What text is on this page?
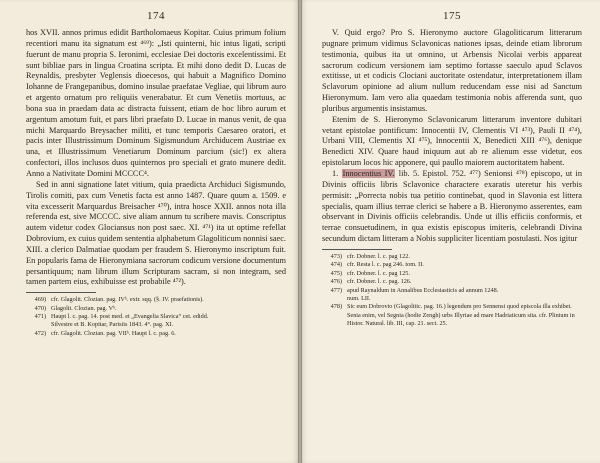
174

hos XVII. annos primus edidit Bartholomaeus Kopitar. Cuius primum folium recentiori manu ita signatum est ⁴⁶⁹): „Isti quinterni, hic intus ligati, scripti fuerunt de manu propria S. Ieronimi, ecclesiae Dei doctoris excelentissimi. Et sunt bibliae pars in lingua Croatina scripta. Et mihi dono dedit D. Lucas de Reynaldis, presbyter Veglensis dioecesos, qui habuit a Magnifico Domino Iohanne de Frangepanibus, domino insulae praefatae Vegliae, qui librum auro et argento ornatum pro reliquiis venerabatur. Et cum Venetiis mortuus, ac bona sua in praedam data ac distracta fuissent, etiam de hoc libro aurum et argentum amotum fuit, et pars libri praefato D. Lucae in manus venit, de qua michi Marquardo Breysacher militi, et tunc temporis Caesareo oratori, et pacis inter Illustrissimum Dominum Sigismundum Archiducem Austriae ex una, et Illustrissimum Venetiarum Dominum parcium (sic!) ex altera confectori, illos inclusos duos quinternos pro speciali et grato munere dedit. Anno a Nativitate Domini MCCCC⁴.

Sed in anni signatione latet vitium, quia praedicta Archiduci Sigismundo, Tirolis comiti, pax cum Venetis facta est anno 1487. Quare quum a. 1509. e vita excesserit Marquardus Breisacher ⁴⁷⁰), intra hosce XXII. annos nota illa referenda est, sive MCCCC. sive aliam annum tu scribere mavis. Conscriptus autem videtur codex Glociansus non post saec. XI. ⁴⁷¹) ita ut optime refellat Dobrovium, ex cuius quidem sententia alphabetum Glagoliticum nonnisi saec. XIII. a clerico Dalmatiae quodam per fraudem S. Hieronymo inscriptum fuit. En popularis fama de Hieronymiana sacrorum codicum versione documentum persantiquum; nam librum illum Scripturam sacram, si non integram, sed tamen partem eius, exhibuisse est probabile ⁴⁷²).

469) cfr. Glagolit. Clozian. pag. IVᵇ. extr. sqq. (§. IV. praefationis).
470) Glagolit. Clozian. pag. Vᵇ.
471) Haupt l. c. pag. 14. post med. et „Evangelia Slavica“ cet. edidd.
Silvestre et B. Kopitar, Parisiis 1843. 4°. pag. XI.
472) cfr. Glagolit. Clozian. pag. VIIᵇ. Haupt l. c. pag. 6.
175

V. Quid ergo? Pro S. Hieronymo auctore Glagoliticarum litterarum pugnare primum vidimus Sclavonicas nationes ipsas, deinde etiam librorum testimonia, quibus ita ut omnino, ut Arbensis Nicolai verbis appareat sacrorum codicum versionem iam septimo fortasse saeculo apud Sclavos extitisse, ut et codicis Clociani auctoritate ostendatur, interpretationem illam Sclavorum opinione ad alium nullum reducendam esse nisi ad Sanctum Hieronymum. Iam vero alia quaedam testimonia nobis afferenda sunt, quo pluribus argumentis insistamus.

Etenim de S. Hieronymo Sclavonicarum litterarum inventore dubitari vetant epistolae pontificum: Innocentii IV, Clementis VI ⁴⁷³), Pauli II ⁴⁷⁴), Urbani VIII, Clementis XI ⁴⁷⁵), Innocentii X, Benedicti XIII ⁴⁷⁶), denique Benedicti XIV. Quare haud iniquum aut ab re alienum esse videtur, eos epistolarum locos hic apponere, qui paullo maiorem auctoritatem habent.

1. Innocentius IV. lib. 5. Epistol. 752. ⁴⁷⁷) Senionsi ⁴⁷⁸) episcopo, ut in Divinis officiis libris Sclavonice charactere exaratis uteretur his verbis permisit: „Porrecta nobis tua petitio continebat, quod in Slavonia est littera specialis, quam illius terrae clerici se habere a B. Hieronymo asserentes, eam observant in Divinis officiis celebrandis. Unde ut illis efficiis conformis, et terrae consuetudinem, in qua existis episcopus imiteris, celebrandi Divina secundum dictam litteram a Nobis suppliciter licentiam postulasti. Nos igitur

473) cfr. Dobner. l. c. pag 122.
474) cfr. Resta l. c. pag 246. tom. II.
475) cfr. Dobner. l. c. pag 125.
476) cfr. Dobner. l. c. pag. 126.
477) apud Raynaldum in Annalibus Ecclesiasticis ad annum 1248.
num. LII.
478) Sic eum Dobrovio (Glagolitic. pag. 16.) legendum pro Sennensi quod episcola illa exhibet. Senia enim, vel Segnia (hodie Zengh) urbs Illyriae ad mare Hadriaticum sita. cfr. Plinium in Histor. Natural. lib. III, cap. 21. sect. 25.
